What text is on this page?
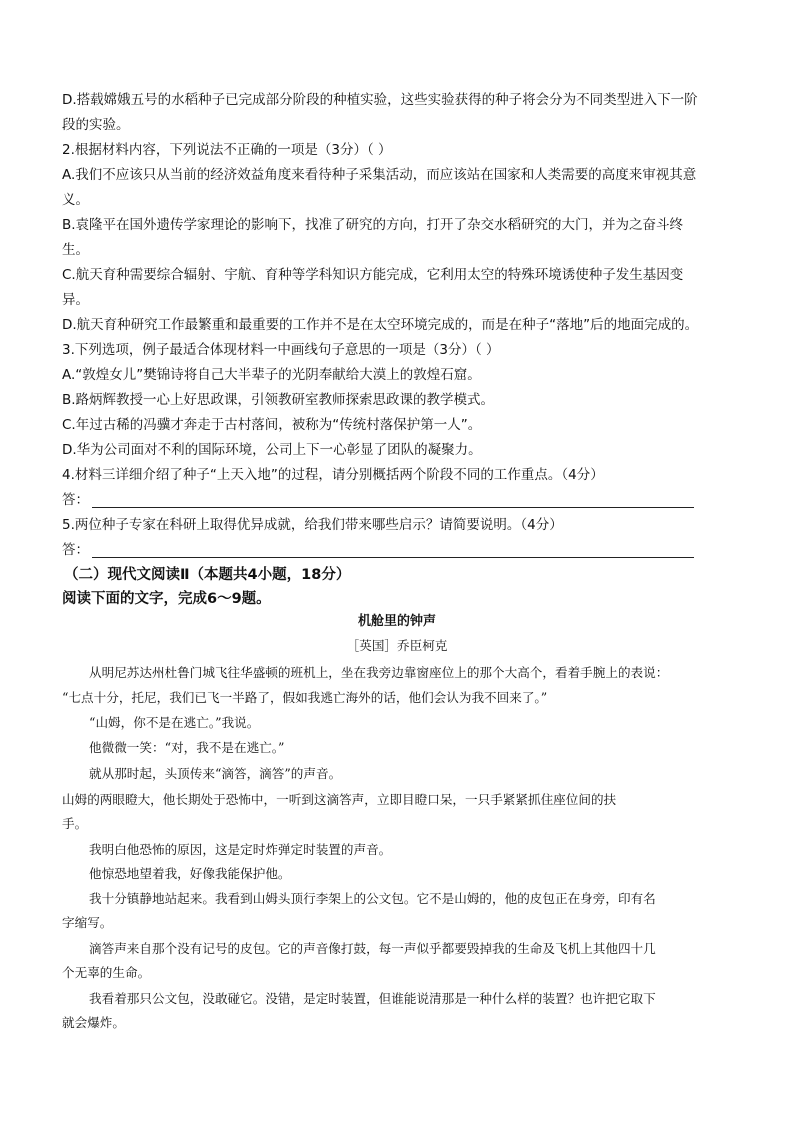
D.搭载嫦娥五号的水稻种子已完成部分阶段的种植实验，这些实验获得的种子将会分为不同类型进入下一阶
段的实验。
2.根据材料内容，下列说法不正确的一项是（3分）（ ）
A.我们不应该只从当前的经济效益角度来看待种子采集活动，而应该站在国家和人类需要的高度来审视其意
义。
B.袁隆平在国外遗传学家理论的影响下，找准了研究的方向，打开了杂交水稻研究的大门，并为之奋斗终
生。
C.航天育种需要综合辐射、宇航、育种等学科知识方能完成，它利用太空的特殊环境诱使种子发生基因变
异。
D.航天育种研究工作最繁重和最重要的工作并不是在太空环境完成的，而是在种子“落地”后的地面完成的。
3.下列选项，例子最适合体现材料一中画线句子意思的一项是（3分）（ ）
A.“敦煌女儿”樊锦诗将自己大半辈子的光阴奉献给大漠上的敦煌石窟。
B.路炳辉教授一心上好思政课，引领教研室教师探索思政课的教学模式。
C.年过古稀的冯骥才奔走于古村落间，被称为“传统村落保护第一人”。
D.华为公司面对不利的国际环境，公司上下一心彰显了团队的凝聚力。
4.材料三详细介绍了种子“上天入地”的过程，请分别概括两个阶段不同的工作重点。（4分）
答：
5.两位种子专家在科研上取得优异成就，给我们带来哪些启示？请简要说明。（4分）
答：
（二）现代文阅读Ⅱ（本题共4小题，18分）
阅读下面的文字，完成6～9题。
机舱里的钟声
［英国］乔臣柯克
从明尼苏达州杜鲁门城飞往华盛顿的班机上，坐在我旁边靠窗座位上的那个大高个，看着手腕上的表说：
“七点十分，托尼，我们已飞一半路了，假如我逃亡海外的话，他们会认为我不回来了。”
“山姆，你不是在逃亡。”我说。
他微微一笑：“对，我不是在逃亡。”
就从那时起，头顶传来“滴答，滴答”的声音。
山姆的两眼瞪大，他长期处于恐怖中，一听到这滴答声，立即目瞪口呆，一只手紧紧抓住座位间的扶
手。
我明白他恐怖的原因，这是定时炸弹定时装置的声音。
他惊恐地望着我，好像我能保护他。
我十分镇静地站起来。我看到山姆头顶行李架上的公文包。它不是山姆的，他的皮包正在身旁，印有名
字缩写。
滴答声来自那个没有记号的皮包。它的声音像打鼓，每一声似乎都要毁掉我的生命及飞机上其他四十几
个无辜的生命。
我看着那只公文包，没敢碰它。没错，是定时装置，但谁能说清那是一种什么样的装置？也许把它取下
就会爆炸。
